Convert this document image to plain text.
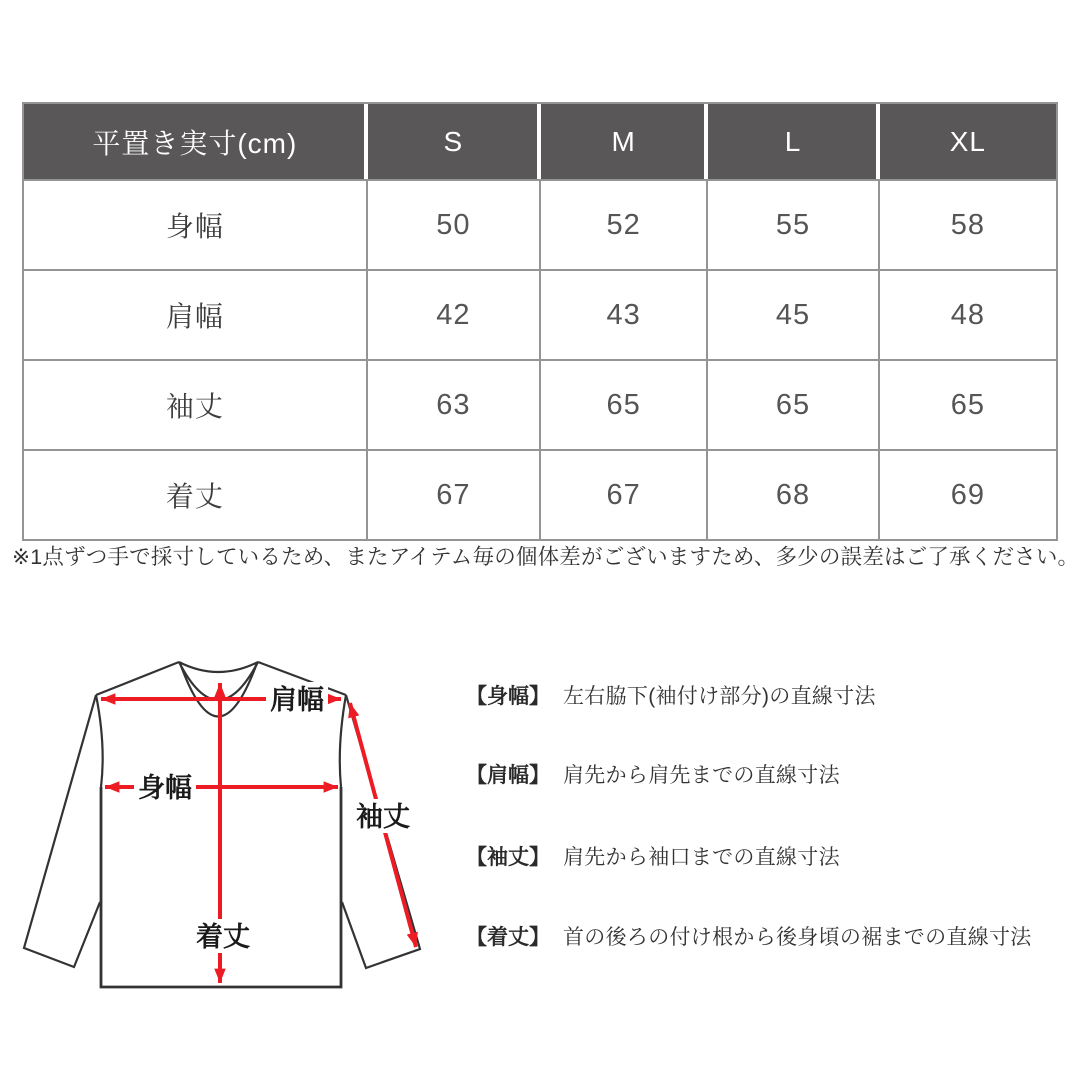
平置き実寸(cm)	S	M	L	XL
身幅	50	52	55	58
肩幅	42	43	45	48
袖丈	63	65	65	65
着丈	67	67	68	69

※1点ずつ手で採寸しているため、またアイテム毎の個体差がございますため、多少の誤差はご了承ください。

肩幅
身幅
着丈
袖丈
【身幅】 左右脇下(袖付け部分)の直線寸法
【肩幅】 肩先から肩先までの直線寸法
【袖丈】 肩先から袖口までの直線寸法
【着丈】 首の後ろの付け根から後身頃の裾までの直線寸法
